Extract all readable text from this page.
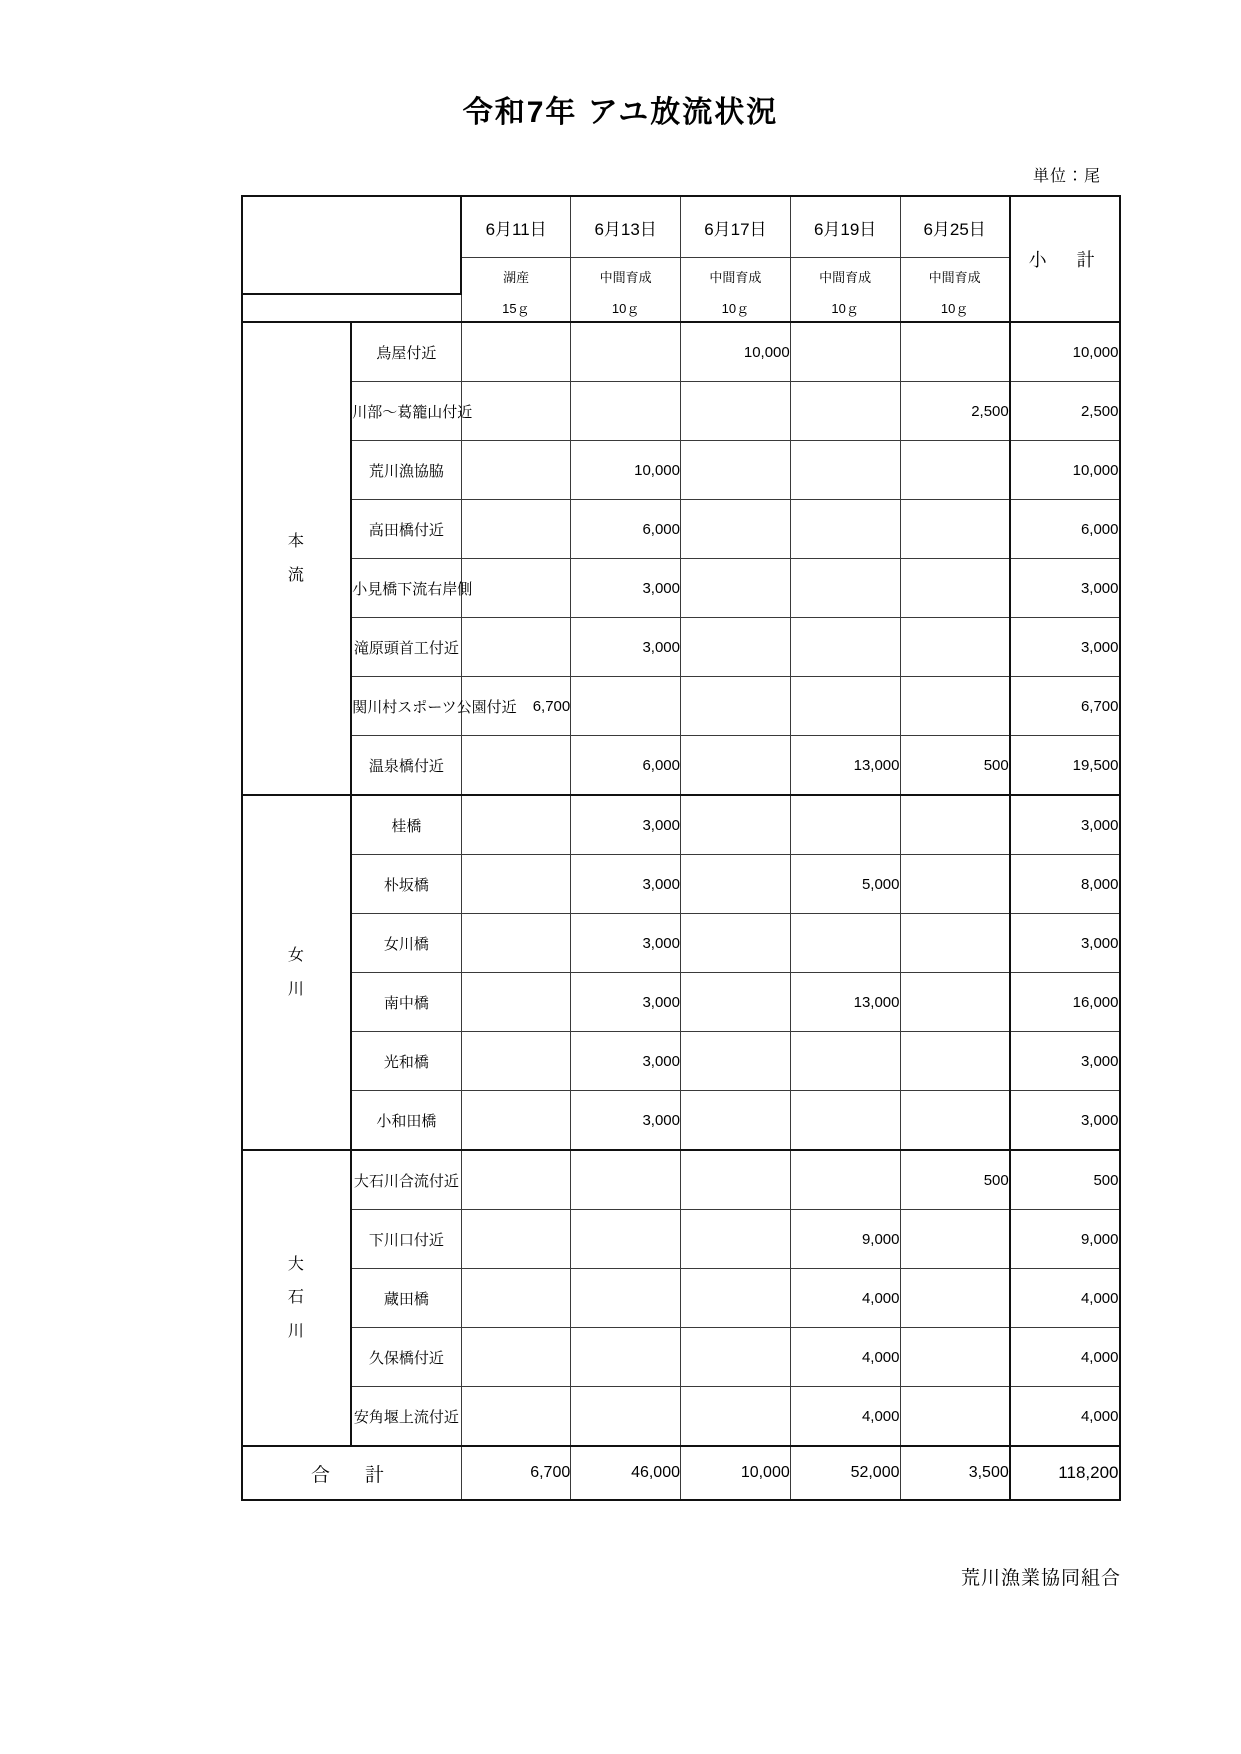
令和7年 アユ放流状況
単位：尾
		6月11日	6月13日	6月17日	6月19日	6月25日	小　計
		湖産	中間育成	中間育成	中間育成	中間育成	
		15ｇ	10ｇ	10ｇ	10ｇ	10ｇ	

本
流	鳥屋付近			10,000			10,000
	川部～葛籠山付近					2,500	2,500
	荒川漁協脇		10,000				10,000
	高田橋付近		6,000				6,000
	小見橋下流右岸側		3,000				3,000
	滝原頭首工付近		3,000				3,000
	関川村スポーツ公園付近	6,700					6,700
	温泉橋付近		6,000		13,000	500	19,500

女
川	桂橋		3,000				3,000
	朴坂橋		3,000		5,000		8,000
	女川橋		3,000				3,000
	南中橋		3,000		13,000		16,000
	光和橋		3,000				3,000
	小和田橋		3,000				3,000

大
石
川	大石川合流付近					500	500
	下川口付近				9,000		9,000
	蔵田橋				4,000		4,000
	久保橋付近				4,000		4,000
	安角堰上流付近				4,000		4,000
合　計		6,700	46,000	10,000	52,000	3,500	118,200
荒川漁業協同組合
